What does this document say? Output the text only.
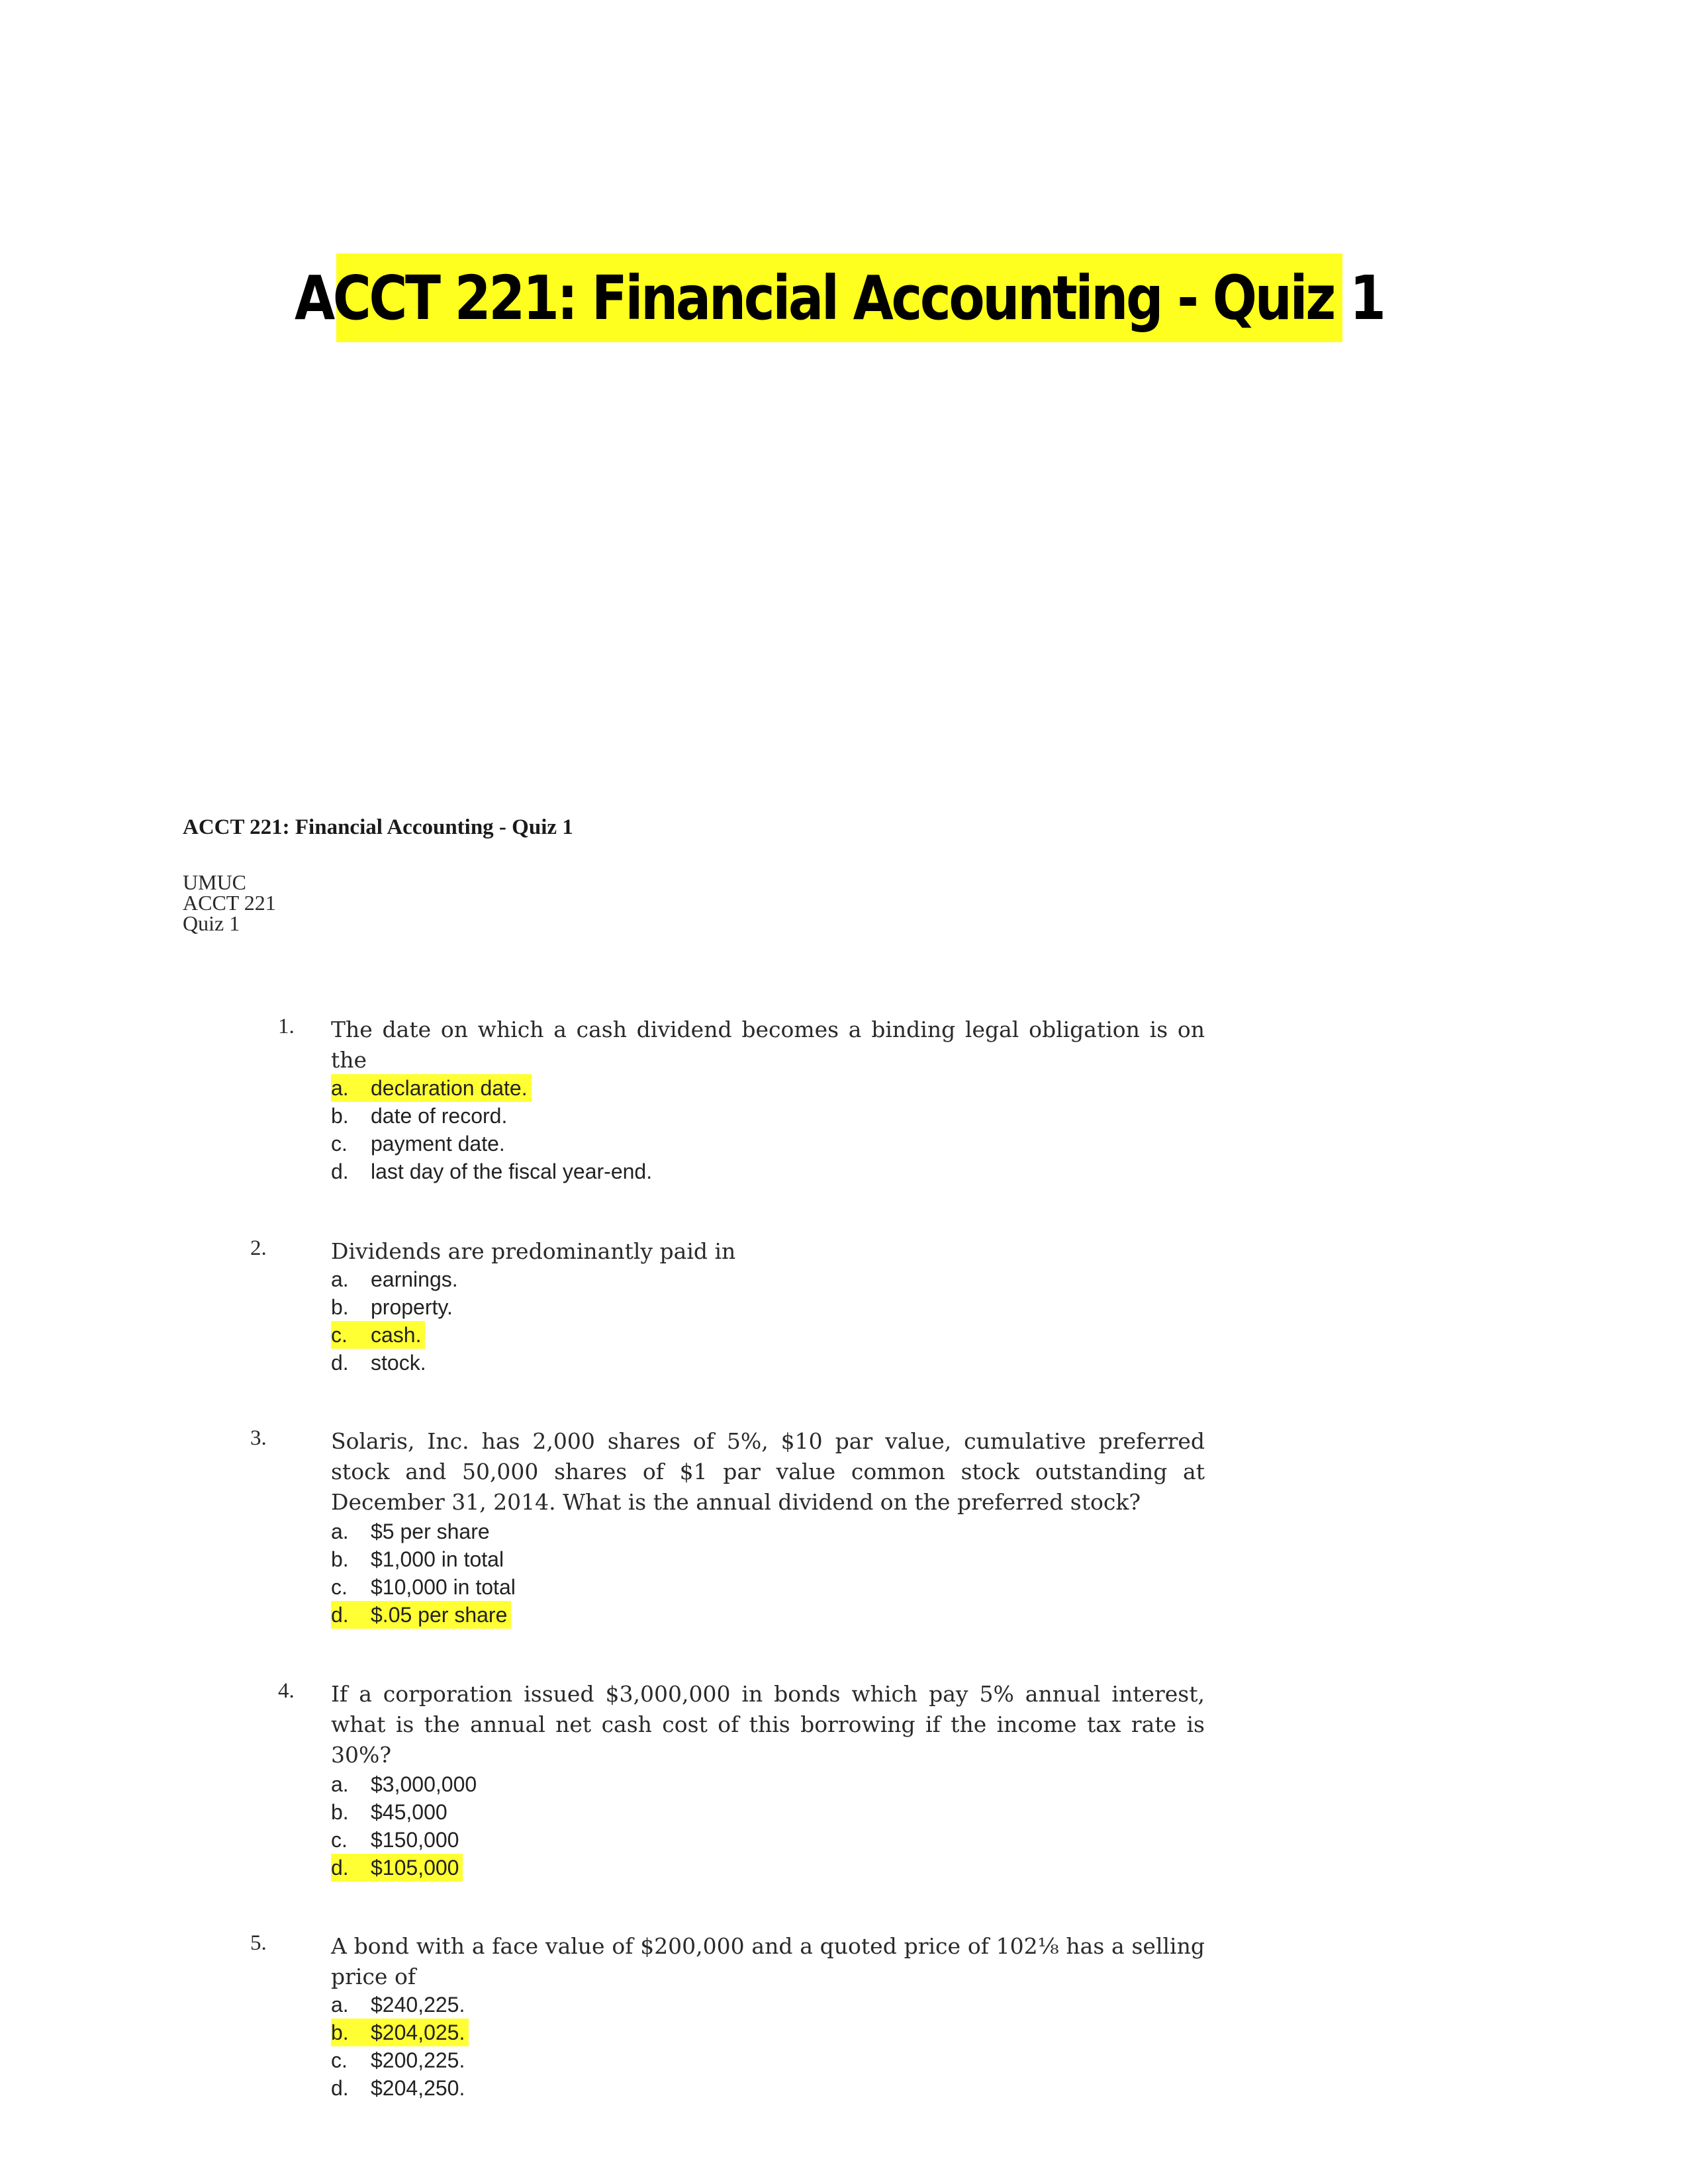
ACCT 221: Financial Accounting - Quiz 1
ACCT 221: Financial Accounting - Quiz 1
UMUC
ACCT 221
Quiz 1
1. The date on which a cash dividend becomes a binding legal obligation is on the
a. declaration date.
b. date of record.
c. payment date.
d. last day of the fiscal year-end.
2.	Dividends are predominantly paid in
a. earnings.
b. property.
c. cash.
d. stock.
3.	Solaris, Inc. has 2,000 shares of 5%, $10 par value, cumulative preferred stock and 50,000 shares of $1 par value common stock outstanding at December 31, 2014. What is the annual dividend on the preferred stock?
a. $5 per share
b. $1,000 in total
c. $10,000 in total
d. $.05 per share
4. If a corporation issued $3,000,000 in bonds which pay 5% annual interest, what is the annual net cash cost of this borrowing if the income tax rate is 30%?
a. $3,000,000
b. $45,000
c. $150,000
d. $105,000
5.	A bond with a face value of $200,000 and a quoted price of 102⅛ has a selling price of
a. $240,225.
b. $204,025.
c. $200,225.
d. $204,250.
